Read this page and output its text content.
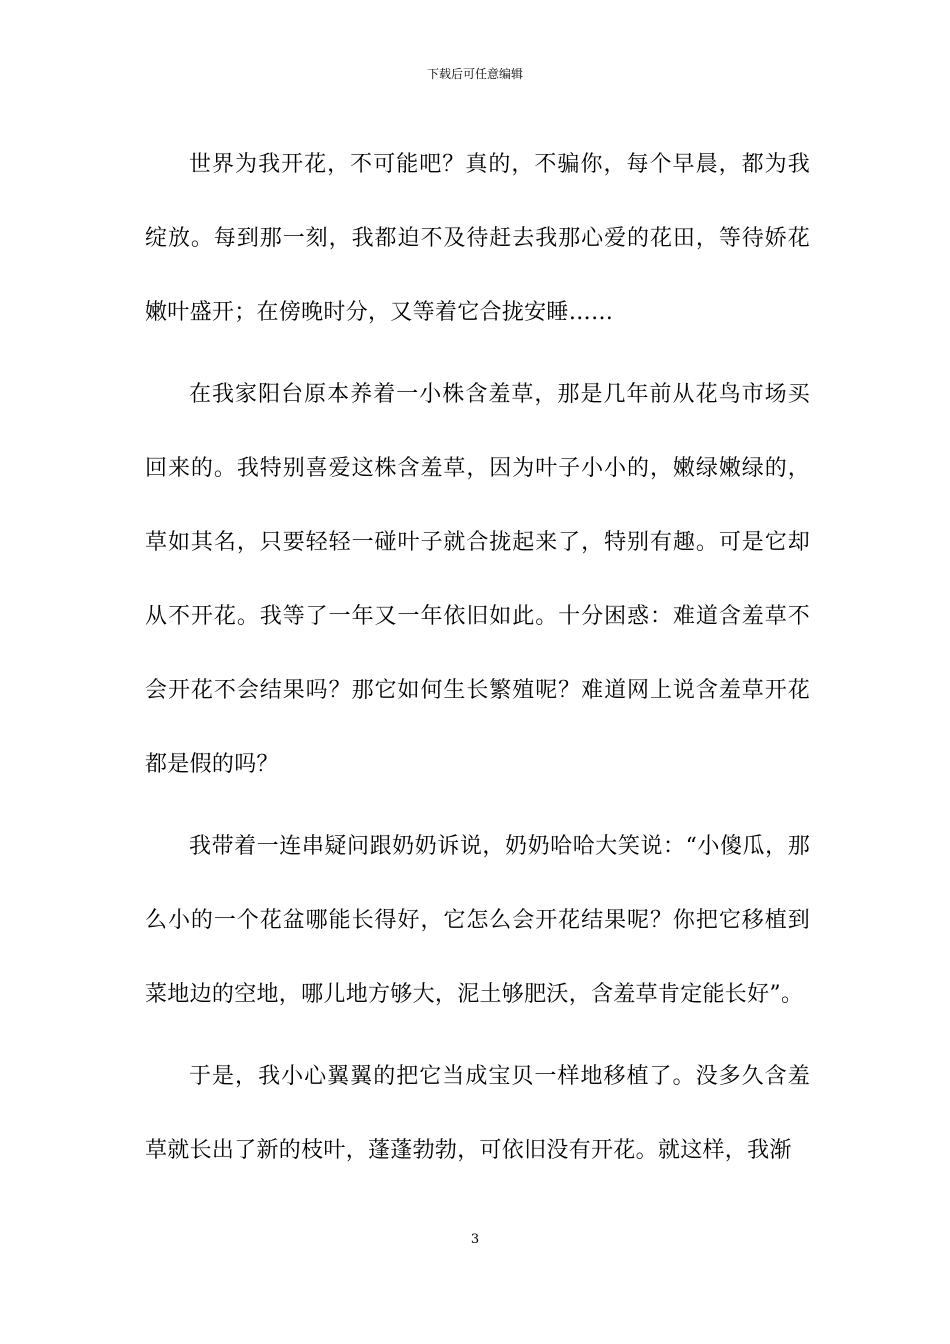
下载后可任意编辑

世界为我开花，不可能吧？真的，不骗你，每个早晨，都为我绽放。每到那一刻，我都迫不及待赶去我那心爱的花田，等待娇花嫩叶盛开；在傍晚时分，又等着它合拢安睡……

在我家阳台原本养着一小株含羞草，那是几年前从花鸟市场买回来的。我特别喜爱这株含羞草，因为叶子小小的，嫩绿嫩绿的，草如其名，只要轻轻一碰叶子就合拢起来了，特别有趣。可是它却从不开花。我等了一年又一年依旧如此。十分困惑：难道含羞草不会开花不会结果吗？那它如何生长繁殖呢？难道网上说含羞草开花都是假的吗？

我带着一连串疑问跟奶奶诉说，奶奶哈哈大笑说：“小傻瓜，那么小的一个花盆哪能长得好，它怎么会开花结果呢？你把它移植到菜地边的空地，哪儿地方够大，泥土够肥沃，含羞草肯定能长好”。

于是，我小心翼翼的把它当成宝贝一样地移植了。没多久含羞草就长出了新的枝叶，蓬蓬勃勃，可依旧没有开花。就这样，我渐

3
